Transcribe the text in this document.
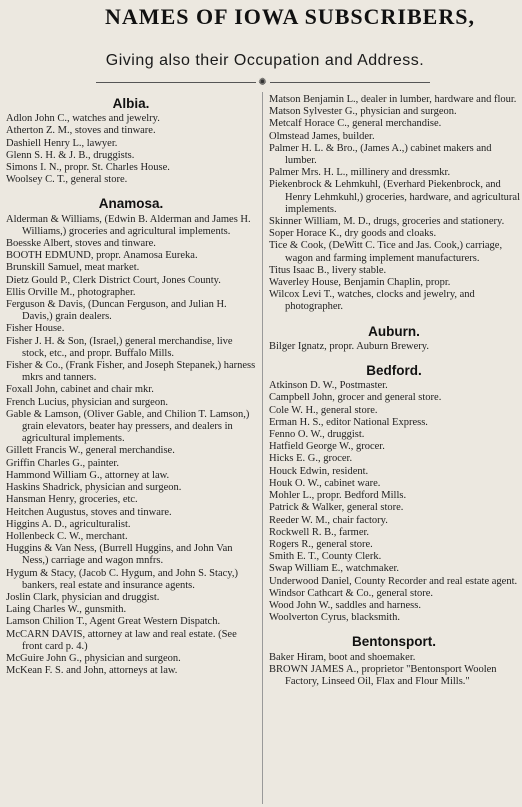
NAMES OF IOWA SUBSCRIBERS,
Giving also their Occupation and Address.
✺
Albia.

Adlon John C., watches and jewelry.

Atherton Z. M., stoves and tinware.

Dashiell Henry L., lawyer.

Glenn S. H. & J. B., druggists.

Simons I. N., propr. St. Charles House.

Woolsey C. T., general store.

Anamosa.

Alderman & Williams, (Edwin B. Alderman and James H. Williams,) groceries and agricultural implements.

Boesske Albert, stoves and tinware.

BOOTH EDMUND, propr. Anamosa Eureka.

Brunskill Samuel, meat market.

Dietz Gould P., Clerk District Court, Jones County.

Ellis Orville M., photographer.

Ferguson & Davis, (Duncan Ferguson, and Julian H. Davis,) grain dealers.

Fisher House.

Fisher J. H. & Son, (Israel,) general merchandise, live stock, etc., and propr. Buffalo Mills.

Fisher & Co., (Frank Fisher, and Joseph Stepanek,) harness mkrs and tanners.

Foxall John, cabinet and chair mkr.

French Lucius, physician and surgeon.

Gable & Lamson, (Oliver Gable, and Chilion T. Lamson,) grain elevators, beater hay pressers, and dealers in agricultural implements.

Gillett Francis W., general merchandise.

Griffin Charles G., painter.

Hammond William G., attorney at law.

Haskins Shadrick, physician and surgeon.

Hansman Henry, groceries, etc.

Heitchen Augustus, stoves and tinware.

Higgins A. D., agriculturalist.

Hollenbeck C. W., merchant.

Huggins & Van Ness, (Burrell Huggins, and John Van Ness,) carriage and wagon mnfrs.

Hygum & Stacy, (Jacob C. Hygum, and John S. Stacy,) bankers, real estate and insurance agents.

Joslin Clark, physician and druggist.

Laing Charles W., gunsmith.

Lamson Chilion T., Agent Great Western Dispatch.

McCARN DAVIS, attorney at law and real estate. (See front card p. 4.)

McGuire John G., physician and surgeon.

McKean F. S. and John, attorneys at law.

Matson Benjamin L., dealer in lumber, hardware and flour.

Matson Sylvester G., physician and surgeon.

Metcalf Horace C., general merchandise.

Olmstead James, builder.

Palmer H. L. & Bro., (James A.,) cabinet makers and lumber.

Palmer Mrs. H. L., millinery and dressmkr.

Piekenbrock & Lehmkuhl, (Everhard Piekenbrock, and Henry Lehmkuhl,) groceries, hardware, and agricultural implements.

Skinner William, M. D., drugs, groceries and stationery.

Soper Horace K., dry goods and cloaks.

Tice & Cook, (DeWitt C. Tice and Jas. Cook,) carriage, wagon and farming implement manufacturers.

Titus Isaac B., livery stable.

Waverley House, Benjamin Chaplin, propr.

Wilcox Levi T., watches, clocks and jewelry, and photographer.

Auburn.

Bilger Ignatz, propr. Auburn Brewery.

Bedford.

Atkinson D. W., Postmaster.

Campbell John, grocer and general store.

Cole W. H., general store.

Erman H. S., editor National Express.

Fenno O. W., druggist.

Hatfield George W., grocer.

Hicks E. G., grocer.

Houck Edwin, resident.

Houk O. W., cabinet ware.

Mohler L., propr. Bedford Mills.

Patrick & Walker, general store.

Reeder W. M., chair factory.

Rockwell R. B., farmer.

Rogers R., general store.

Smith E. T., County Clerk.

Swap William E., watchmaker.

Underwood Daniel, County Recorder and real estate agent.

Windsor Cathcart & Co., general store.

Wood John W., saddles and harness.

Woolverton Cyrus, blacksmith.

Bentonsport.

Baker Hiram, boot and shoemaker.

BROWN JAMES A., proprietor "Bentonsport Woolen Factory, Linseed Oil, Flax and Flour Mills."
